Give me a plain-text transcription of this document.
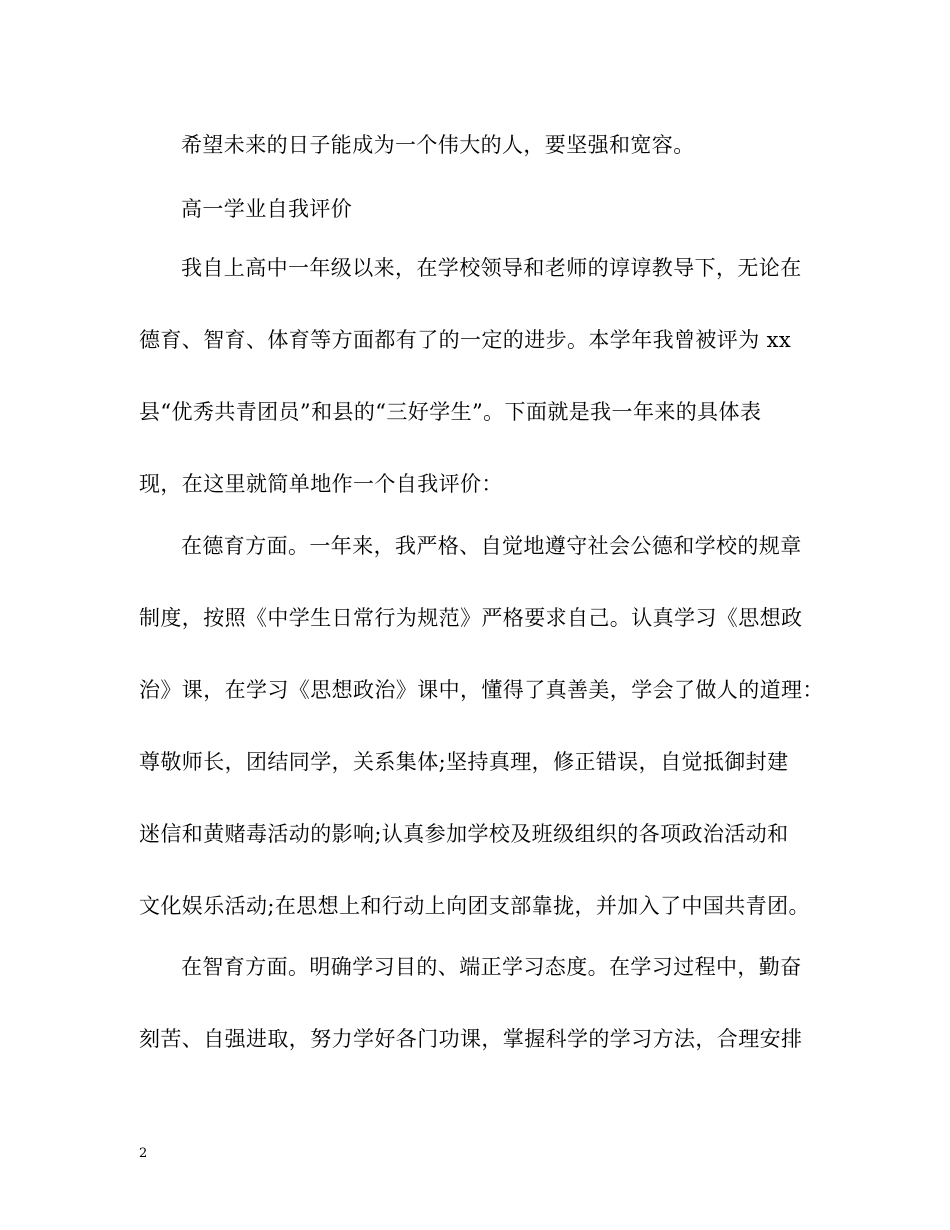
希望未来的日子能成为一个伟大的人，要坚强和宽容。
高一学业自我评价
我自上高中一年级以来，在学校领导和老师的谆谆教导下，无论在
德育、智育、体育等方面都有了的一定的进步。本学年我曾被评为 xx
县“优秀共青团员”和县的“三好学生”。下面就是我一年来的具体表
现，在这里就简单地作一个自我评价：
在德育方面。一年来，我严格、自觉地遵守社会公德和学校的规章
制度，按照《中学生日常行为规范》严格要求自己。认真学习《思想政
治》课，在学习《思想政治》课中，懂得了真善美，学会了做人的道理：
尊敬师长，团结同学，关系集体;坚持真理，修正错误，自觉抵御封建
迷信和黄赌毒活动的影响;认真参加学校及班级组织的各项政治活动和
文化娱乐活动;在思想上和行动上向团支部靠拢，并加入了中国共青团。
在智育方面。明确学习目的、端正学习态度。在学习过程中，勤奋
刻苦、自强进取，努力学好各门功课，掌握科学的学习方法，合理安排
2
